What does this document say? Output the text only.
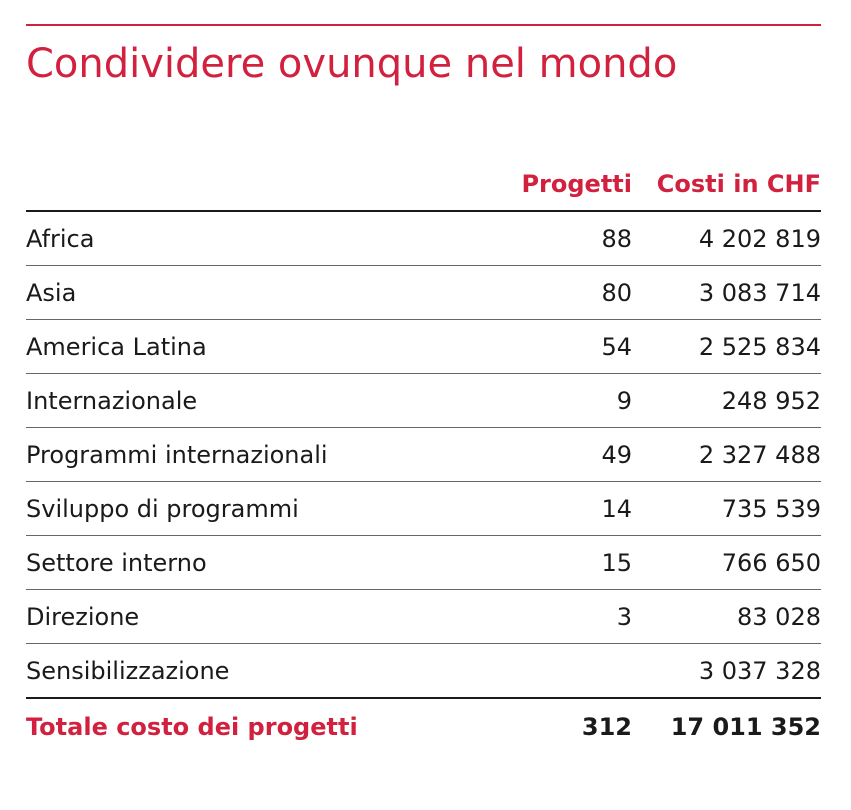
Condividere ovunque nel mondo
	Progetti	Costi in CHF
Africa	88	4 202 819
Asia	80	3 083 714
America Latina	54	2 525 834
Internazionale	9	248 952
Programmi internazionali	49	2 327 488
Sviluppo di programmi	14	735 539
Settore interno	15	766 650
Direzione	3	83 028
Sensibilizzazione		3 037 328
Totale costo dei progetti	312	17 011 352
